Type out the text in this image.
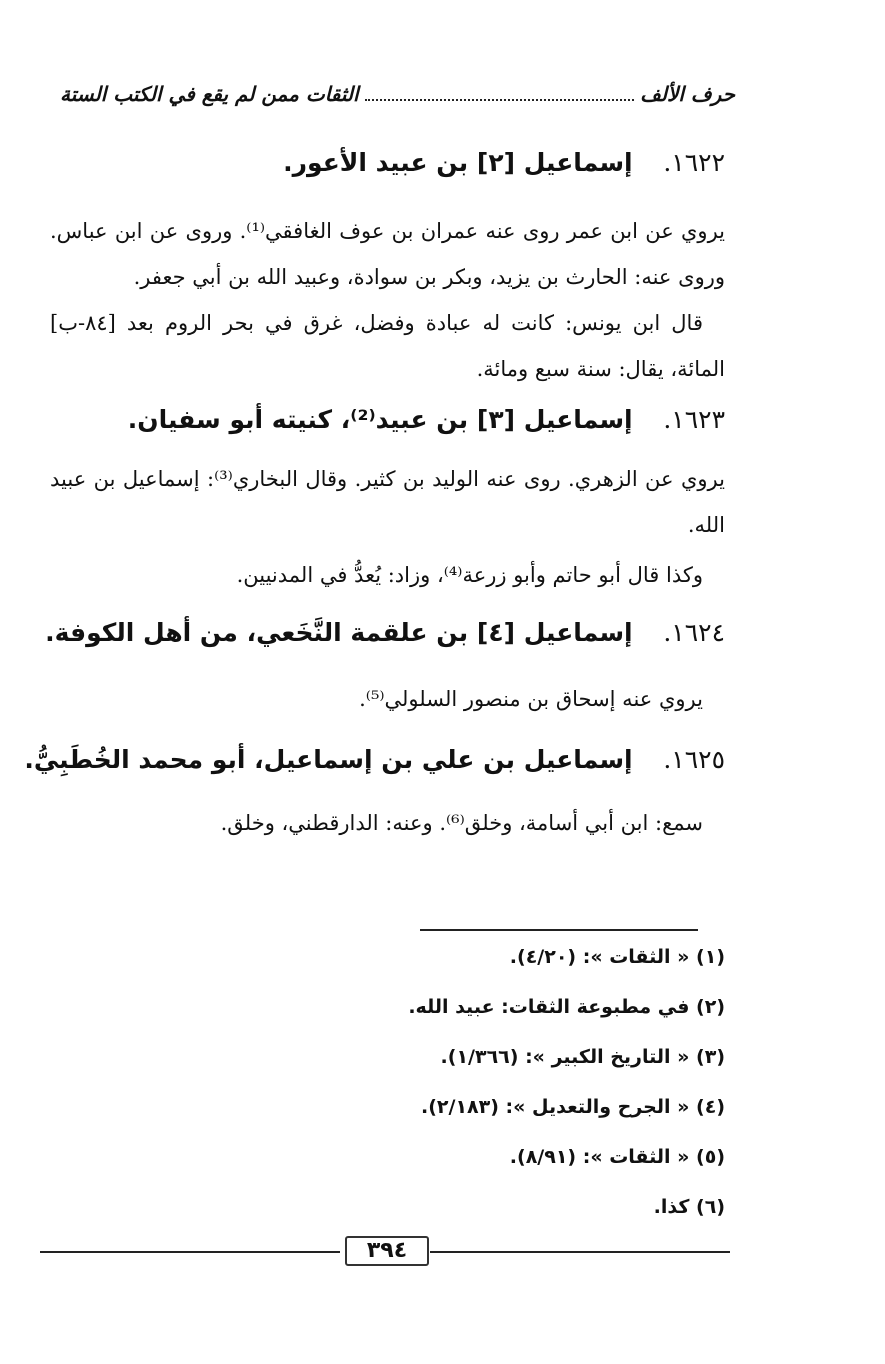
حرف الألف
الثقات ممن لم يقع في الكتب الستة
١٦٢٢. إسماعيل [٢] بن عبيد الأعور.
يروي عن ابن عمر روى عنه عمران بن عوف الغافقي⁽¹⁾. وروى عن ابن عباس. وروى عنه: الحارث بن يزيد، وبكر بن سوادة، وعبيد الله بن أبي جعفر.
قال ابن يونس: كانت له عبادة وفضل، غرق في بحر الروم بعد [٨٤-ب] المائة، يقال: سنة سبع ومائة.
١٦٢٣. إسماعيل [٣] بن عبيد⁽²⁾، كنيته أبو سفيان.
يروي عن الزهري. روى عنه الوليد بن كثير. وقال البخاري⁽³⁾: إسماعيل بن عبيد الله.
وكذا قال أبو حاتم وأبو زرعة⁽⁴⁾، وزاد: يُعدُّ في المدنيين.
١٦٢٤. إسماعيل [٤] بن علقمة النَّخَعي، من أهل الكوفة.
يروي عنه إسحاق بن منصور السلولي⁽⁵⁾.
١٦٢٥. إسماعيل بن علي بن إسماعيل، أبو محمد الخُطَبِيُّ.
سمع: ابن أبي أسامة، وخلق⁽⁶⁾. وعنه: الدارقطني، وخلق.
(١) « الثقات »: (٤/٢٠).
(٢) في مطبوعة الثقات: عبيد الله.
(٣) « التاريخ الكبير »: (١/٣٦٦).
(٤) « الجرح والتعديل »: (٢/١٨٣).
(٥) « الثقات »: (٨/٩١).
(٦) كذا.
٣٩٤
